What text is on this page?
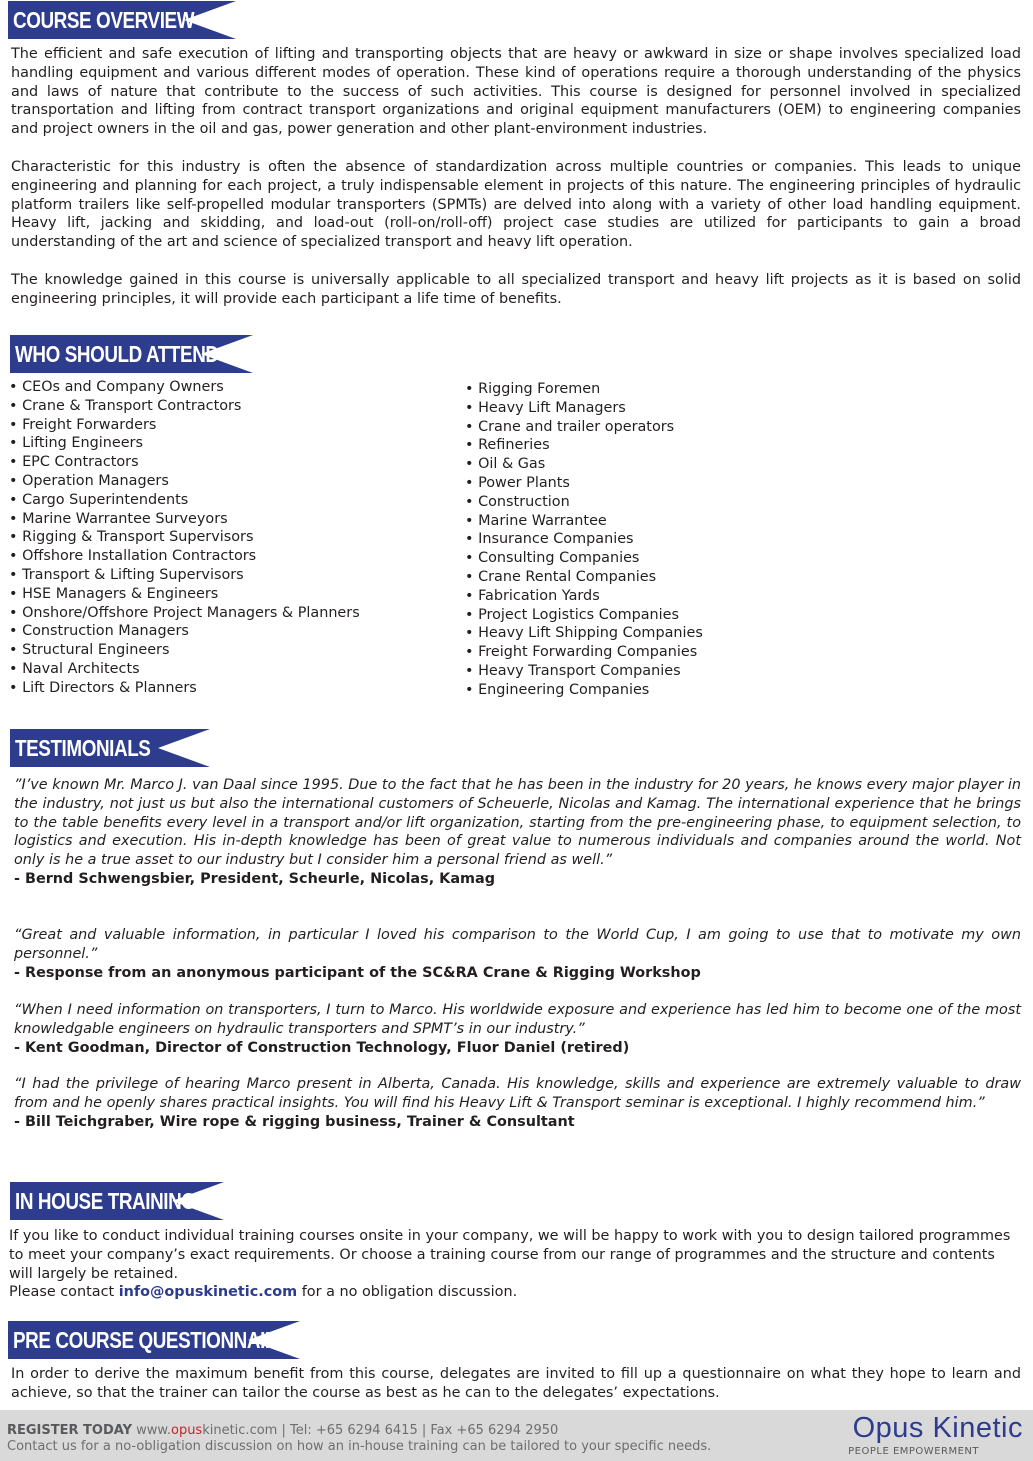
COURSE OVERVIEW

The efficient and safe execution of lifting and transporting objects that are heavy or awkward in size or shape involves specialized load handling equipment and various different modes of operation. These kind of operations require a thorough understanding of the physics and laws of nature that contribute to the success of such activities. This course is designed for personnel involved in specialized transportation and lifting from contract transport organizations and original equipment manufacturers (OEM) to engineering companies and project owners in the oil and gas, power generation and other plant-environment industries.

Characteristic for this industry is often the absence of standardization across multiple countries or companies. This leads to unique engineering and planning for each project, a truly indispensable element in projects of this nature. The engineering principles of hydraulic platform trailers like self-propelled modular transporters (SPMTs) are delved into along with a variety of other load handling equipment. Heavy lift, jacking and skidding, and load-out (roll-on/roll-off) project case studies are utilized for participants to gain a broad understanding of the art and science of specialized transport and heavy lift operation.

The knowledge gained in this course is universally applicable to all specialized transport and heavy lift projects as it is based on solid engineering principles, it will provide each participant a life time of benefits.

WHO SHOULD ATTEND
• CEOs and Company Owners
• Crane & Transport Contractors
• Freight Forwarders
• Lifting Engineers
• EPC Contractors
• Operation Managers
• Cargo Superintendents
• Marine Warrantee Surveyors
• Rigging & Transport Supervisors
• Offshore Installation Contractors
• Transport & Lifting Supervisors
• HSE Managers & Engineers
• Onshore/Offshore Project Managers & Planners
• Construction Managers
• Structural Engineers
• Naval Architects
• Lift Directors & Planners
• Rigging Foremen
• Heavy Lift Managers
• Crane and trailer operators
• Refineries
• Oil & Gas
• Power Plants
• Construction
• Marine Warrantee
• Insurance Companies
• Consulting Companies
• Crane Rental Companies
• Fabrication Yards
• Project Logistics Companies
• Heavy Lift Shipping Companies
• Freight Forwarding Companies
• Heavy Transport Companies
• Engineering Companies
TESTIMONIALS
”I’ve known Mr. Marco J. van Daal since 1995. Due to the fact that he has been in the industry for 20 years, he knows every major player in the industry, not just us but also the international customers of Scheuerle, Nicolas and Kamag. The international experience that he brings to the table benefits every level in a transport and/or lift organization, starting from the pre-engineering phase, to equipment selection, to logistics and execution. His in-depth knowledge has been of great value to numerous individuals and companies around the world. Not only is he a true asset to our industry but I consider him a personal friend as well.”
- Bernd Schwengsbier, President, Scheurle, Nicolas, Kamag
“Great and valuable information, in particular I loved his comparison to the World Cup, I am going to use that to motivate my own personnel.”
- Response from an anonymous participant of the SC&RA Crane & Rigging Workshop
“When I need information on transporters, I turn to Marco. His worldwide exposure and experience has led him to become one of the most knowledgable engineers on hydraulic transporters and SPMT’s in our industry.”
- Kent Goodman, Director of Construction Technology, Fluor Daniel (retired)
“I had the privilege of hearing Marco present in Alberta, Canada. His knowledge, skills and experience are extremely valuable to draw from and he openly shares practical insights. You will find his Heavy Lift & Transport seminar is exceptional. I highly recommend him.”
- Bill Teichgraber, Wire rope & rigging business, Trainer & Consultant
IN HOUSE TRAINING

If you like to conduct individual training courses onsite in your company, we will be happy to work with you to design tailored programmes to meet your company’s exact requirements. Or choose a training course from our range of programmes and the structure and contents will largely be retained.
Please contact info@opuskinetic.com for a no obligation discussion.

PRE COURSE QUESTIONNAIRE

In order to derive the maximum benefit from this course, delegates are invited to fill up a questionnaire on what they hope to learn and achieve, so that the trainer can tailor the course as best as he can to the delegates’ expectations.

REGISTER TODAY www.opuskinetic.com | Tel: +65 6294 6415 | Fax +65 6294 2950
Contact us for a no-obligation discussion on how an in-house training can be tailored to your specific needs.
Opus Kinetic
PEOPLE EMPOWERMENT
